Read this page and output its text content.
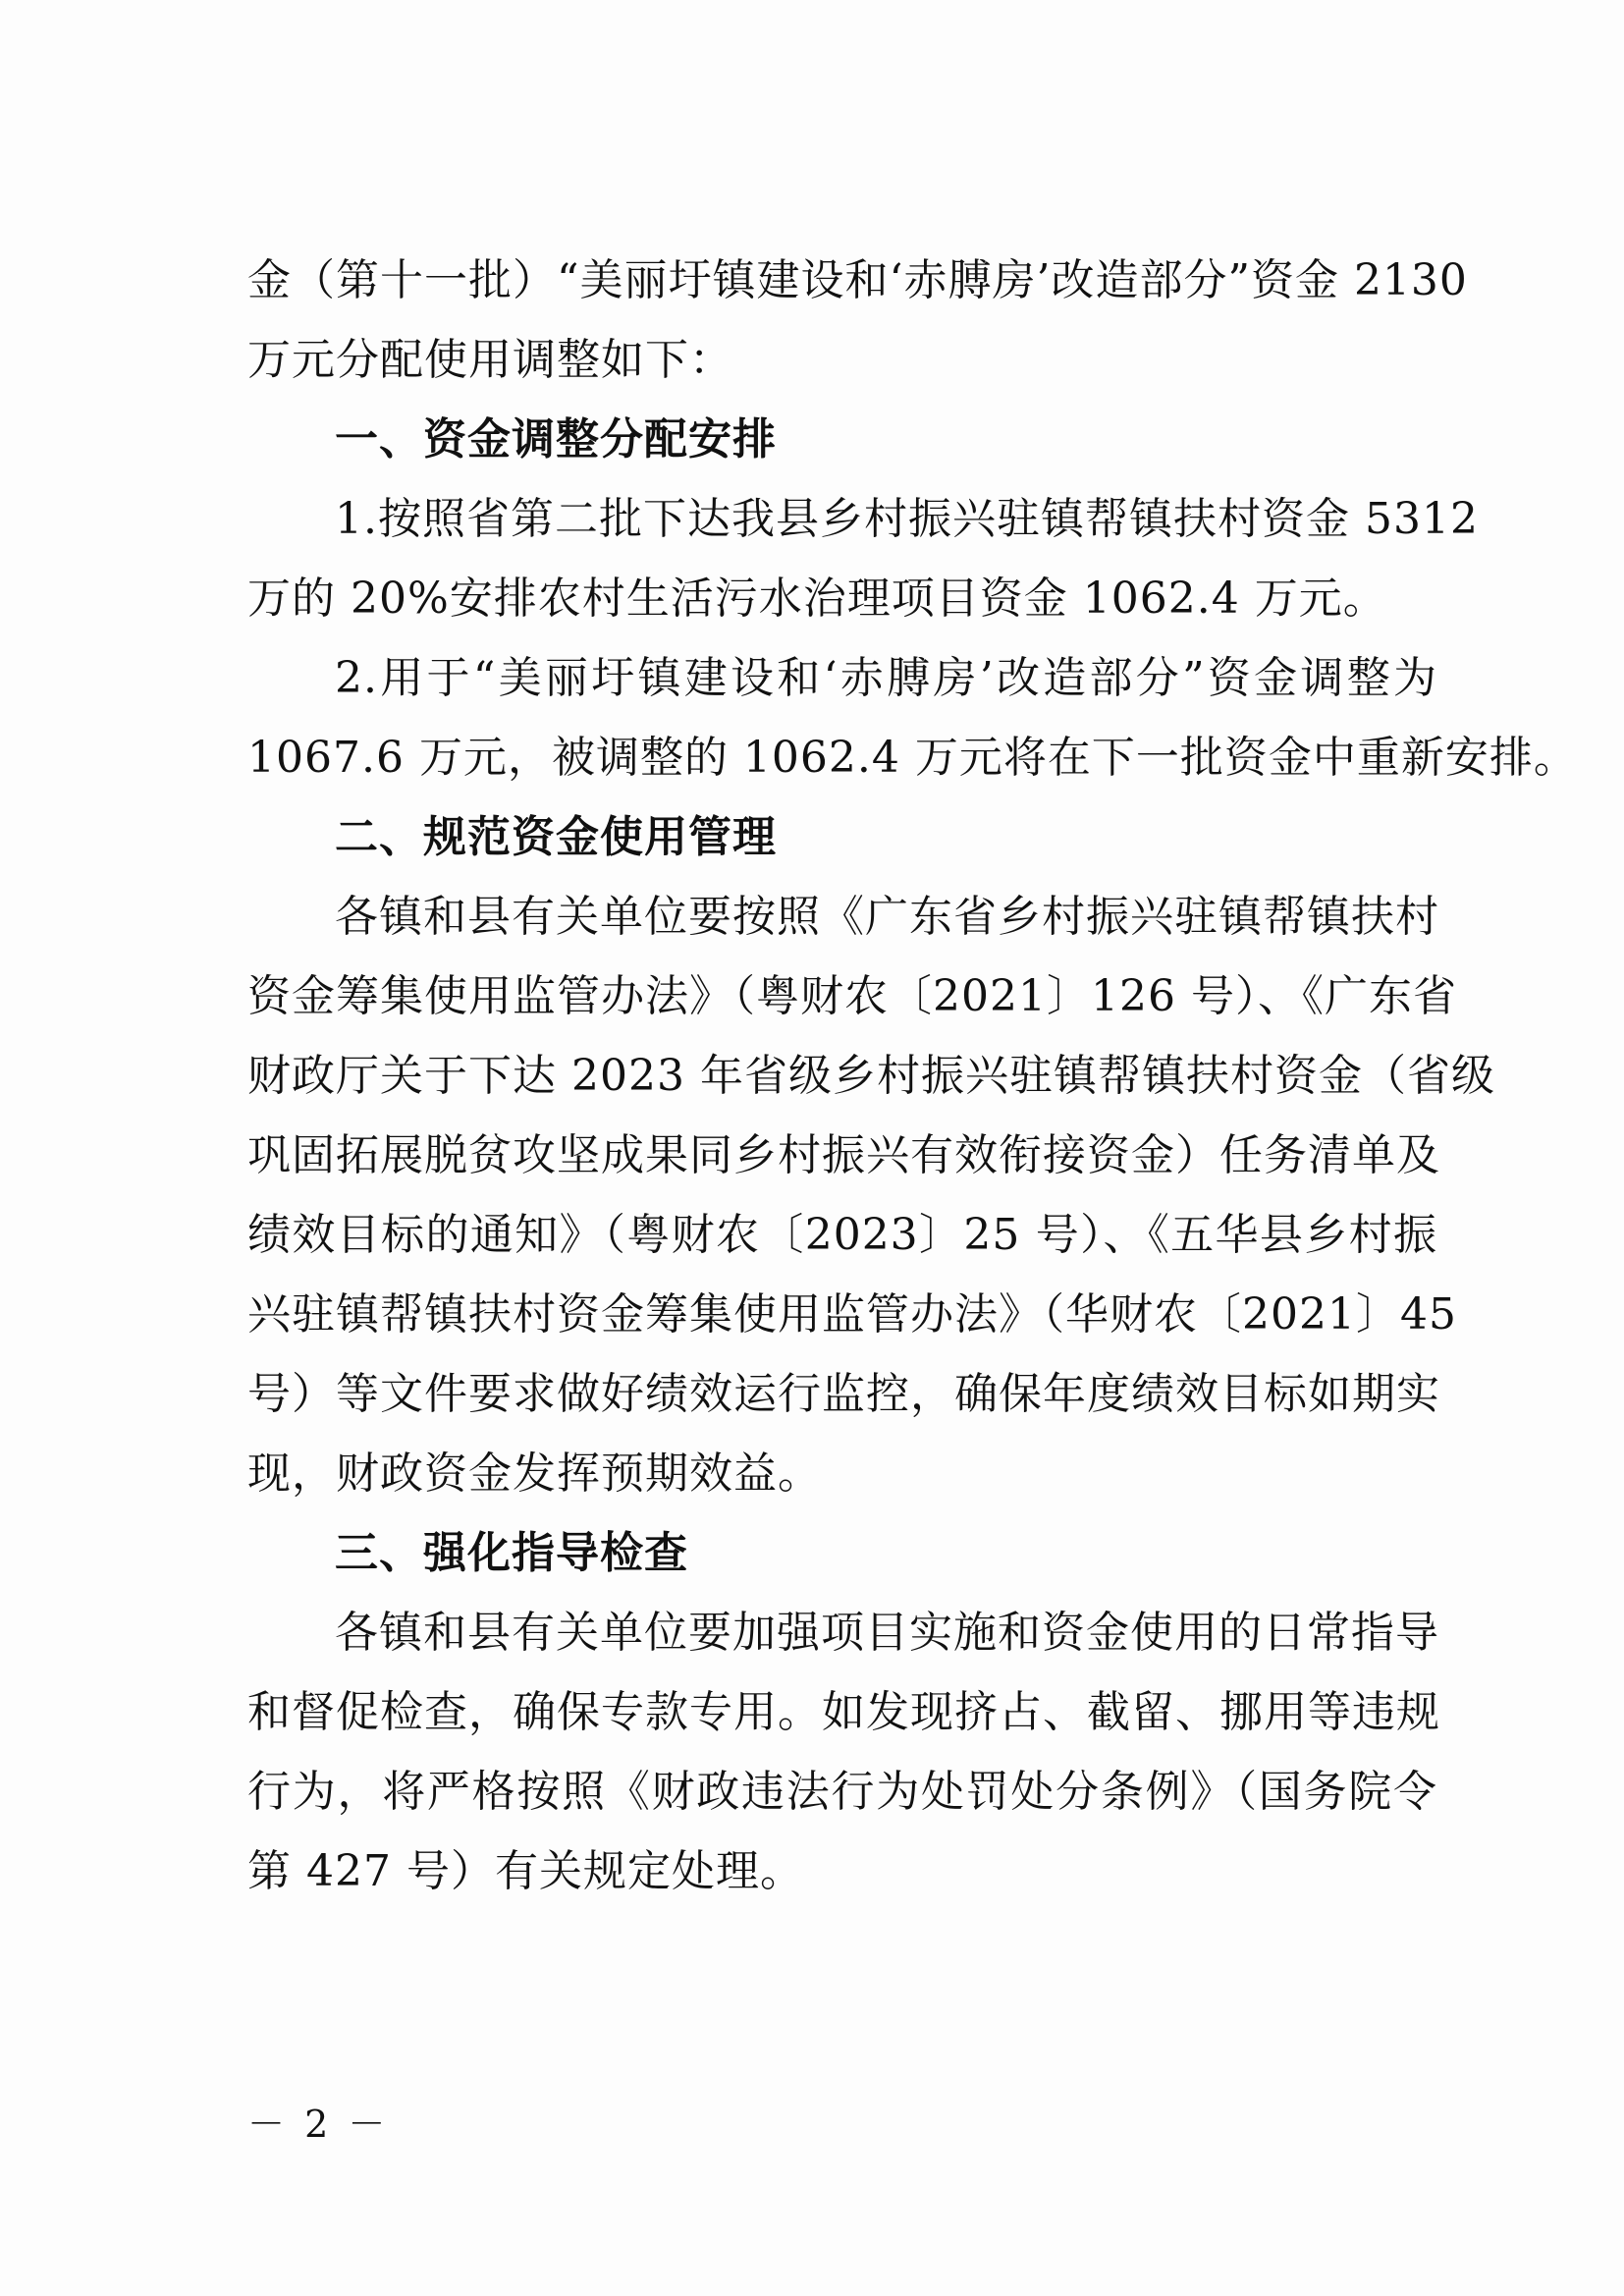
金（第十一批）“美丽圩镇建设和‘赤膊房’改造部分”资金 2130
万元分配使用调整如下：
一、资金调整分配安排
1.按照省第二批下达我县乡村振兴驻镇帮镇扶村资金 5312
万的 20%安排农村生活污水治理项目资金 1062.4 万元。
2.用于“美丽圩镇建设和‘赤膊房’改造部分”资金调整为
1067.6 万元，被调整的 1062.4 万元将在下一批资金中重新安排。
二、规范资金使用管理
各镇和县有关单位要按照《广东省乡村振兴驻镇帮镇扶村
资金筹集使用监管办法》（粤财农〔2021〕126 号）、《广东省
财政厅关于下达 2023 年省级乡村振兴驻镇帮镇扶村资金（省级
巩固拓展脱贫攻坚成果同乡村振兴有效衔接资金）任务清单及
绩效目标的通知》（粤财农〔2023〕25 号）、《五华县乡村振
兴驻镇帮镇扶村资金筹集使用监管办法》（华财农〔2021〕45
号）等文件要求做好绩效运行监控，确保年度绩效目标如期实
现，财政资金发挥预期效益。
三、强化指导检查
各镇和县有关单位要加强项目实施和资金使用的日常指导
和督促检查，确保专款专用。如发现挤占、截留、挪用等违规
行为，将严格按照《财政违法行为处罚处分条例》（国务院令
第 427 号）有关规定处理。
－ 2 －
